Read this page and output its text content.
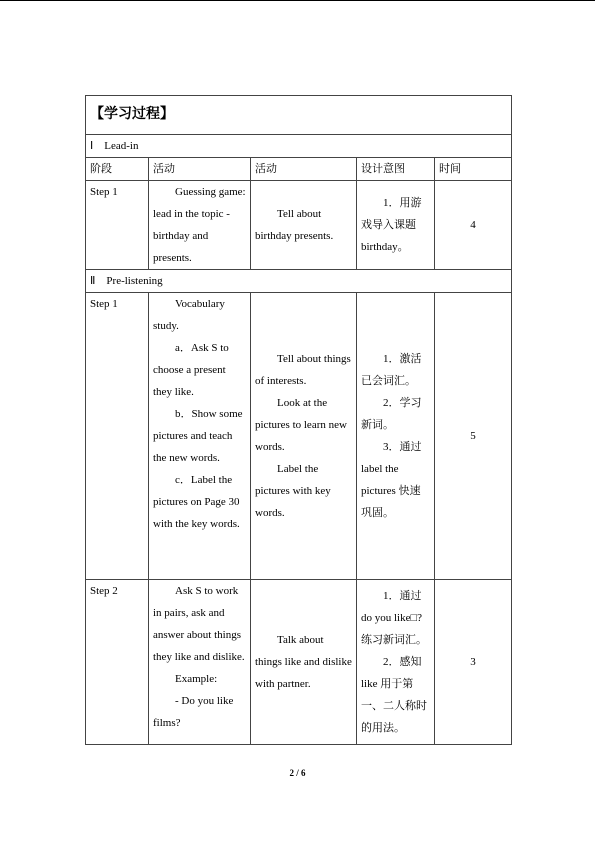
【学习过程】				
Ⅰ　Lead-in				
阶段	活动	活动	设计意图	时间
Step 1	Guessing game: lead in the topic - birthday and presents.	Tell about birthday presents.	1．用游戏导入课题 birthday。	4
Ⅱ　Pre-listening				
Step 1	Vocabulary study.
a．Ask S to choose a present they like.
b．Show some pictures and teach the new words.
c．Label the pictures on Page 30 with the key words.	Tell about things of interests.
Look at the pictures to learn new words.
Label the pictures with key words.	1．激活已会词汇。
2．学习新词。
3．通过 label the pictures 快速巩固。	5
Step 2	Ask S to work in pairs, ask and answer about things they like and dislike.
Example:
- Do you like films?	Talk about things like and dislike with partner.	1．通过 do you like□?练习新词汇。
2．感知 like 用于第一、二人称时的用法。	3
2 / 6
